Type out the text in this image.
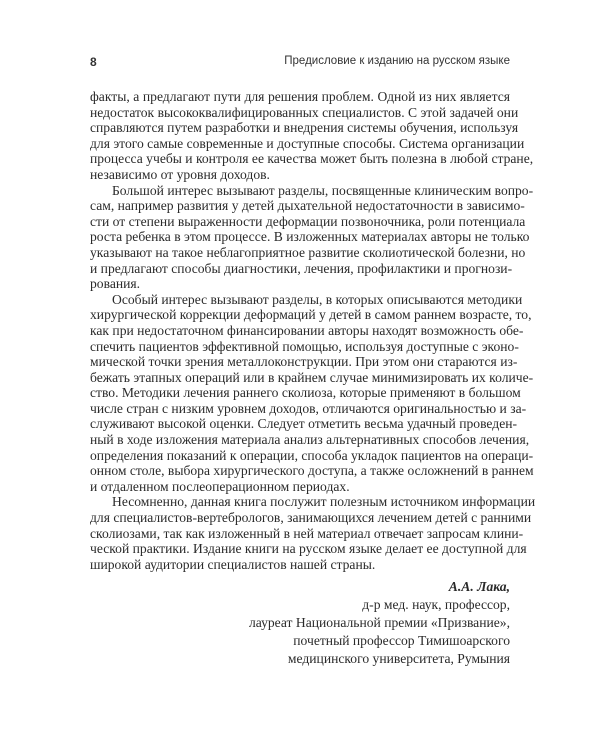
8	Предисловие к изданию на русском языке
факты, а предлагают пути для решения проблем. Одной из них является
недостаток высококвалифицированных специалистов. С этой задачей они
справляются путем разработки и внедрения системы обучения, используя
для этого самые современные и доступные способы. Система организации
процесса учебы и контроля ее качества может быть полезна в любой стране,
независимо от уровня доходов.
Большой интерес вызывают разделы, посвященные клиническим вопро-
сам, например развития у детей дыхательной недостаточности в зависимо-
сти от степени выраженности деформации позвоночника, роли потенциала
роста ребенка в этом процессе. В изложенных материалах авторы не только
указывают на такое неблагоприятное развитие сколиотической болезни, но
и предлагают способы диагностики, лечения, профилактики и прогнози-
рования.
Особый интерес вызывают разделы, в которых описываются методики
хирургической коррекции деформаций у детей в самом раннем возрасте, то,
как при недостаточном финансировании авторы находят возможность обе-
спечить пациентов эффективной помощью, используя доступные с эконо-
мической точки зрения металлоконструкции. При этом они стараются из-
бежать этапных операций или в крайнем случае минимизировать их количе-
ство. Методики лечения раннего сколиоза, которые применяют в большом
числе стран с низким уровнем доходов, отличаются оригинальностью и за-
служивают высокой оценки. Следует отметить весьма удачный проведен-
ный в ходе изложения материала анализ альтернативных способов лечения,
определения показаний к операции, способа укладок пациентов на операци-
онном столе, выбора хирургического доступа, а также осложнений в раннем
и отдаленном послеоперационном периодах.
Несомненно, данная книга послужит полезным источником информации
для специалистов-вертебрологов, занимающихся лечением детей с ранними
сколиозами, так как изложенный в ней материал отвечает запросам клини-
ческой практики. Издание книги на русском языке делает ее доступной для
широкой аудитории специалистов нашей страны.
А.А. Лака,
д-р мед. наук, профессор,
лауреат Национальной премии «Призвание»,
почетный профессор Тимишоарского
медицинского университета, Румыния
